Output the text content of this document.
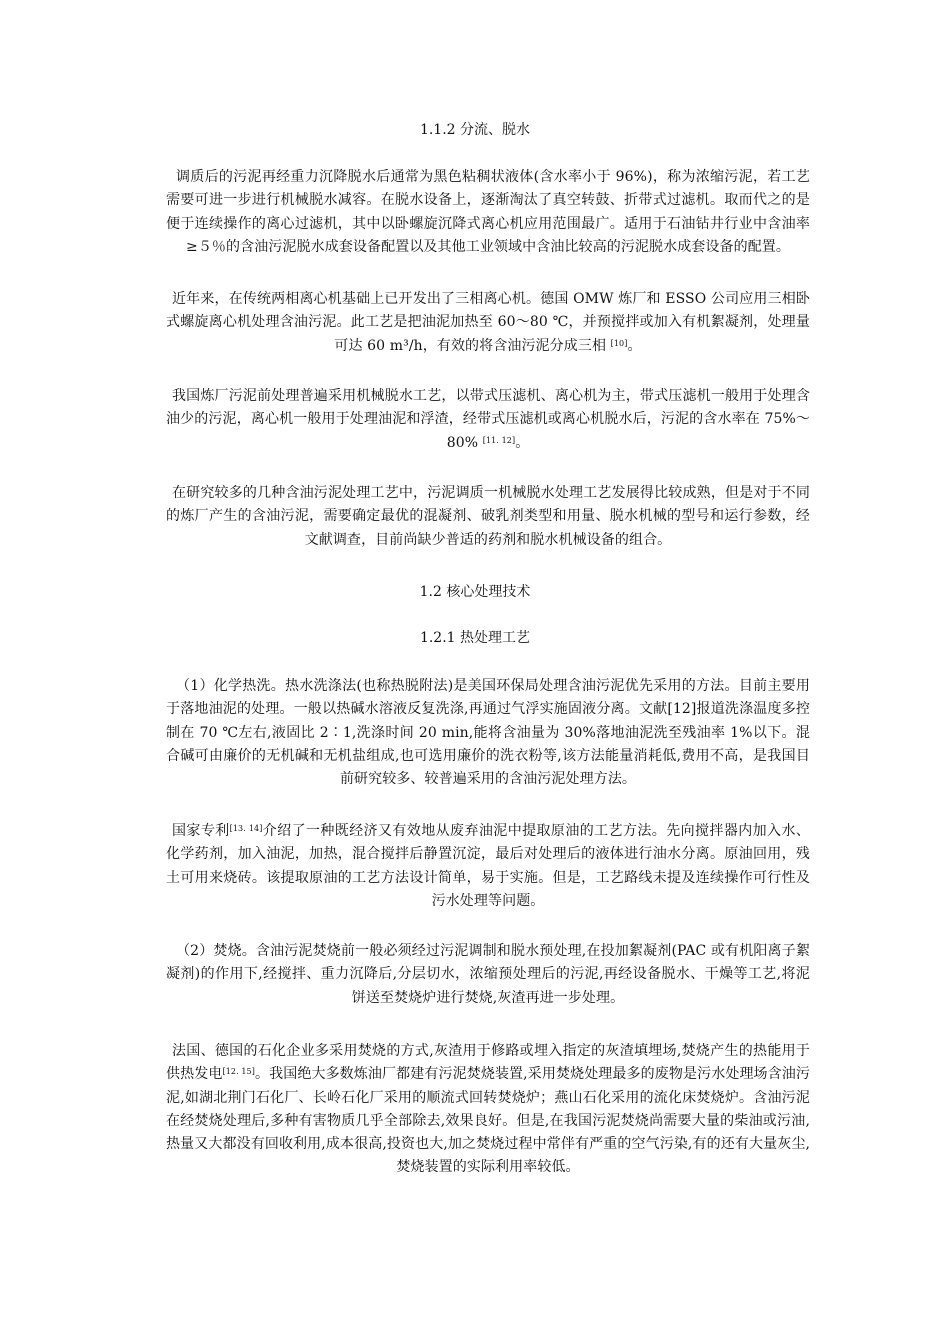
1.1.2 分流、脱水
调质后的污泥再经重力沉降脱水后通常为黑色粘稠状液体(含水率小于 96%)，称为浓缩污泥，若工艺需要可进一步进行机械脱水减容。在脱水设备上，逐渐淘汰了真空转鼓、折带式过滤机。取而代之的是便于连续操作的离心过滤机，其中以卧螺旋沉降式离心机应用范围最广。适用于石油钻井行业中含油率≥５％的含油污泥脱水成套设备配置以及其他工业领域中含油比较高的污泥脱水成套设备的配置。
近年来，在传统两相离心机基础上已开发出了三相离心机。德国 OMW 炼厂和 ESSO 公司应用三相卧式螺旋离心机处理含油污泥。此工艺是把油泥加热至 60～80 ℃，并预搅拌或加入有机絮凝剂，处理量可达 60 m³/h，有效的将含油污泥分成三相 [10]。
我国炼厂污泥前处理普遍采用机械脱水工艺，以带式压滤机、离心机为主，带式压滤机一般用于处理含油少的污泥，离心机一般用于处理油泥和浮渣，经带式压滤机或离心机脱水后，污泥的含水率在 75%～80% [11. 12]。
在研究较多的几种含油污泥处理工艺中，污泥调质一机械脱水处理工艺发展得比较成熟，但是对于不同的炼厂产生的含油污泥，需要确定最优的混凝剂、破乳剂类型和用量、脱水机械的型号和运行参数，经文献调查，目前尚缺少普适的药剂和脱水机械设备的组合。
1.2 核心处理技术
1.2.1 热处理工艺
（1）化学热洗。热水洗涤法(也称热脱附法)是美国环保局处理含油污泥优先采用的方法。目前主要用于落地油泥的处理。一般以热碱水溶液反复洗涤,再通过气浮实施固液分离。文献[12]报道洗涤温度多控制在 70 ℃左右,液固比 2∶1,洗涤时间 20 min,能将含油量为 30%落地油泥洗至残油率 1%以下。混合碱可由廉价的无机碱和无机盐组成,也可选用廉价的洗衣粉等,该方法能量消耗低,费用不高，是我国目前研究较多、较普遍采用的含油污泥处理方法。
国家专利[13. 14]介绍了一种既经济又有效地从废弃油泥中提取原油的工艺方法。先向搅拌器内加入水、化学药剂，加入油泥，加热，混合搅拌后静置沉淀，最后对处理后的液体进行油水分离。原油回用，残土可用来烧砖。该提取原油的工艺方法设计简单，易于实施。但是，工艺路线未提及连续操作可行性及污水处理等问题。
（2）焚烧。含油污泥焚烧前一般必须经过污泥调制和脱水预处理,在投加絮凝剂(PAC 或有机阳离子絮凝剂)的作用下,经搅拌、重力沉降后,分层切水，浓缩预处理后的污泥,再经设备脱水、干燥等工艺,将泥饼送至焚烧炉进行焚烧,灰渣再进一步处理。
法国、德国的石化企业多采用焚烧的方式,灰渣用于修路或埋入指定的灰渣填埋场,焚烧产生的热能用于供热发电[12. 15]。我国绝大多数炼油厂都建有污泥焚烧装置,采用焚烧处理最多的废物是污水处理场含油污泥,如湖北荆门石化厂、长岭石化厂采用的顺流式回转焚烧炉；燕山石化采用的流化床焚烧炉。含油污泥在经焚烧处理后,多种有害物质几乎全部除去,效果良好。但是,在我国污泥焚烧尚需要大量的柴油或污油,热量又大都没有回收利用,成本很高,投资也大,加之焚烧过程中常伴有严重的空气污染,有的还有大量灰尘,焚烧装置的实际利用率较低。
